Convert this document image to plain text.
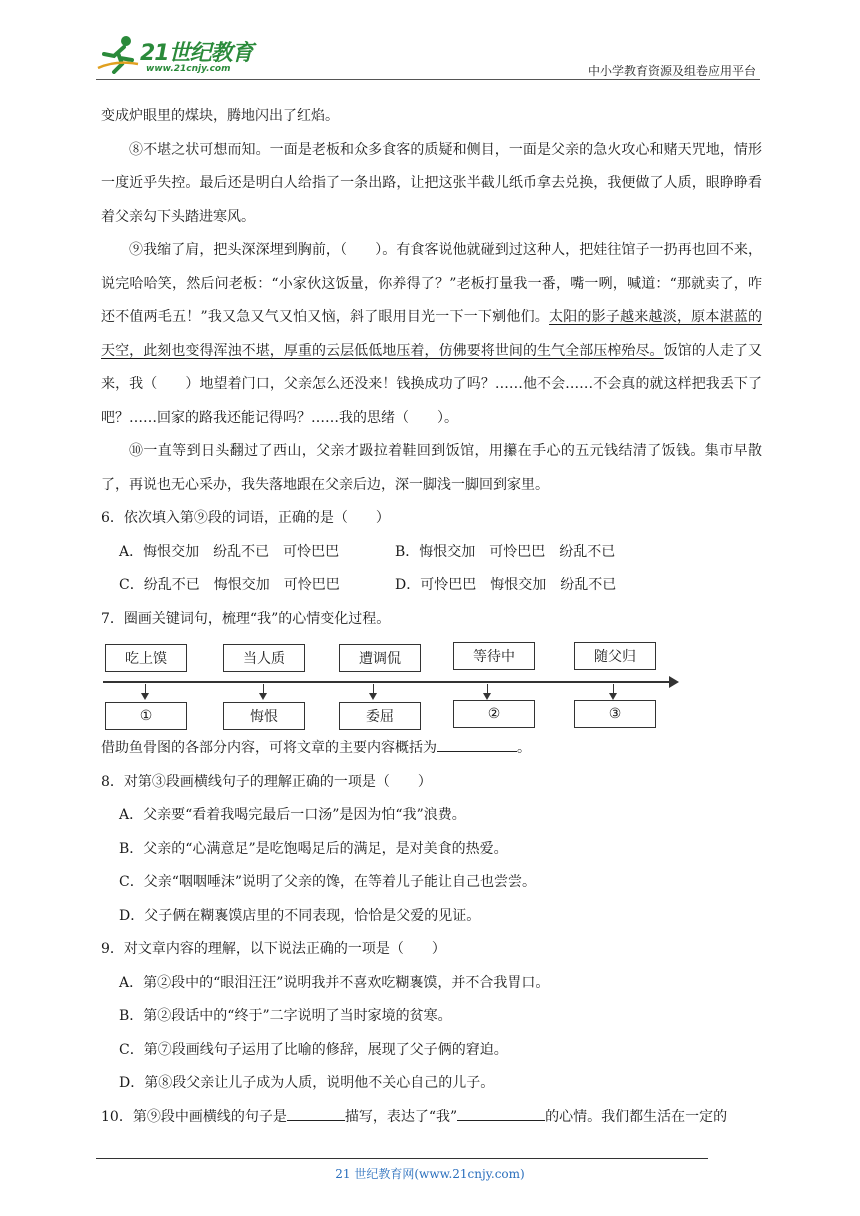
21世纪教育
www.21cnjy.com	中小学教育资源及组卷应用平台

变成炉眼里的煤块，腾地闪出了红焰。

⑧不堪之状可想而知。一面是老板和众多食客的质疑和侧目，一面是父亲的急火攻心和赌天咒地，情形一度近乎失控。最后还是明白人给指了一条出路，让把这张半截儿纸币拿去兑换，我便做了人质，眼睁睁看着父亲勾下头踏进寒风。

⑨我缩了肩，把头深深埋到胸前，（　　）。有食客说他就碰到过这种人，把娃往馆子一扔再也回不来，说完哈哈笑，然后问老板：“小家伙这饭量，你养得了？”老板打量我一番，嘴一咧，喊道：“那就卖了，咋还不值两毛五！”我又急又气又怕又恼，斜了眼用目光一下一下剜他们。太阳的影子越来越淡，原本湛蓝的天空，此刻也变得浑浊不堪，厚重的云层低低地压着，仿佛要将世间的生气全部压榨殆尽。饭馆的人走了又来，我（　　）地望着门口，父亲怎么还没来！钱换成功了吗？……他不会……不会真的就这样把我丢下了吧？……回家的路我还能记得吗？……我的思绪（　　）。

⑩一直等到日头翻过了西山，父亲才趿拉着鞋回到饭馆，用攥在手心的五元钱结清了饭钱。集市早散了，再说也无心采办，我失落地跟在父亲后边，深一脚浅一脚回到家里。

6．依次填入第⑨段的词语，正确的是（　　）

A．悔恨交加　纷乱不已　可怜巴巴	B．悔恨交加　可怜巴巴　纷乱不已
C．纷乱不已　悔恨交加　可怜巴巴	D．可怜巴巴　悔恨交加　纷乱不已

7．圈画关键词句，梳理“我”的心情变化过程。

吃上馍	当人质	遭调侃	等待中	随父归
①	悔恨	委屈	②	③

借助鱼骨图的各部分内容，可将文章的主要内容概括为	。

8．对第③段画横线句子的理解正确的一项是（　　）

A．父亲要“看着我喝完最后一口汤”是因为怕“我”浪费。

B．父亲的“心满意足”是吃饱喝足后的满足，是对美食的热爱。

C．父亲“咽咽唾沫”说明了父亲的馋，在等着儿子能让自己也尝尝。

D．父子俩在糊褢馍店里的不同表现，恰恰是父爱的见证。

9．对文章内容的理解，以下说法正确的一项是（　　）

A．第②段中的“眼泪汪汪”说明我并不喜欢吃糊褢馍，并不合我胃口。

B．第②段话中的“终于”二字说明了当时家境的贫寒。

C．第⑦段画线句子运用了比喻的修辞，展现了父子俩的窘迫。

D．第⑧段父亲让儿子成为人质，说明他不关心自己的儿子。

10．第⑨段中画横线的句子是	描写，表达了“我”	的心情。我们都生活在一定的

21 世纪教育网(www.21cnjy.com)
